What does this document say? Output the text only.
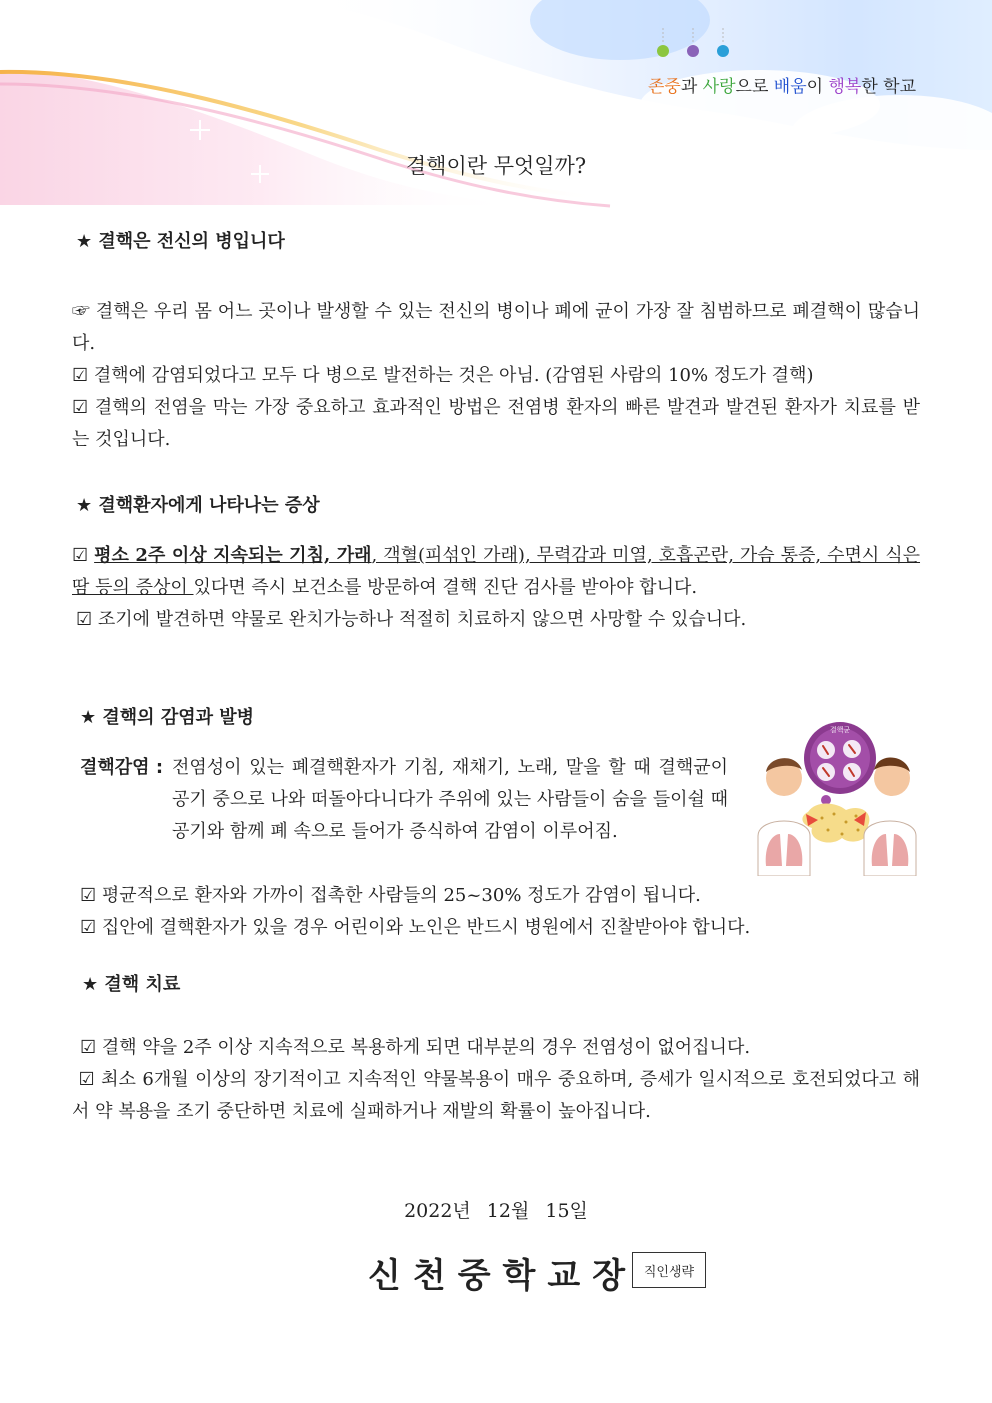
존중과 사랑으로 배움이 행복한 학교
결핵이란 무엇일까?
★ 결핵은 전신의 병입니다

☞ 결핵은 우리 몸 어느 곳이나 발생할 수 있는 전신의 병이나 폐에 균이 가장 잘 침범하므로 폐결핵이 많습니다.

☑ 결핵에 감염되었다고 모두 다 병으로 발전하는 것은 아님. (감염된 사람의 10% 정도가 결핵)

☑ 결핵의 전염을 막는 가장 중요하고 효과적인 방법은 전염병 환자의 빠른 발견과 발견된 환자가 치료를 받는 것입니다.

★ 결핵환자에게 나타나는 증상

☑ 평소 2주 이상 지속되는 기침, 가래, 객혈(피섞인 가래), 무력감과 미열, 호흡곤란, 가슴 통증, 수면시 식은 땀 등의 증상이 있다면 즉시 보건소를 방문하여 결핵 진단 검사를 받아야 합니다.

☑ 조기에 발견하면 약물로 완치가능하나 적절히 치료하지 않으면 사망할 수 있습니다.

★ 결핵의 감염과 발병
결핵감염 : 전염성이 있는 폐결핵환자가 기침, 재채기, 노래, 말을 할 때 결핵균이 공기 중으로 나와 떠돌아다니다가 주위에 있는 사람들이 숨을 들이쉴 때 공기와 함께 폐 속으로 들어가 증식하여 감염이 이루어짐.
결핵균

☑ 평균적으로 환자와 가까이 접촉한 사람들의 25~30% 정도가 감염이 됩니다.

☑ 집안에 결핵환자가 있을 경우 어린이와 노인은 반드시 병원에서 진찰받아야 합니다.

★ 결핵 치료

☑ 결핵 약을 2주 이상 지속적으로 복용하게 되면 대부분의 경우 전염성이 없어집니다.

☑ 최소 6개월 이상의 장기적이고 지속적인 약물복용이 매우 중요하며, 증세가 일시적으로 호전되었다고 해서 약 복용을 조기 중단하면 치료에 실패하거나 재발의 확률이 높아집니다.

2022년 12월 15일
신천중학교장 직인생략
